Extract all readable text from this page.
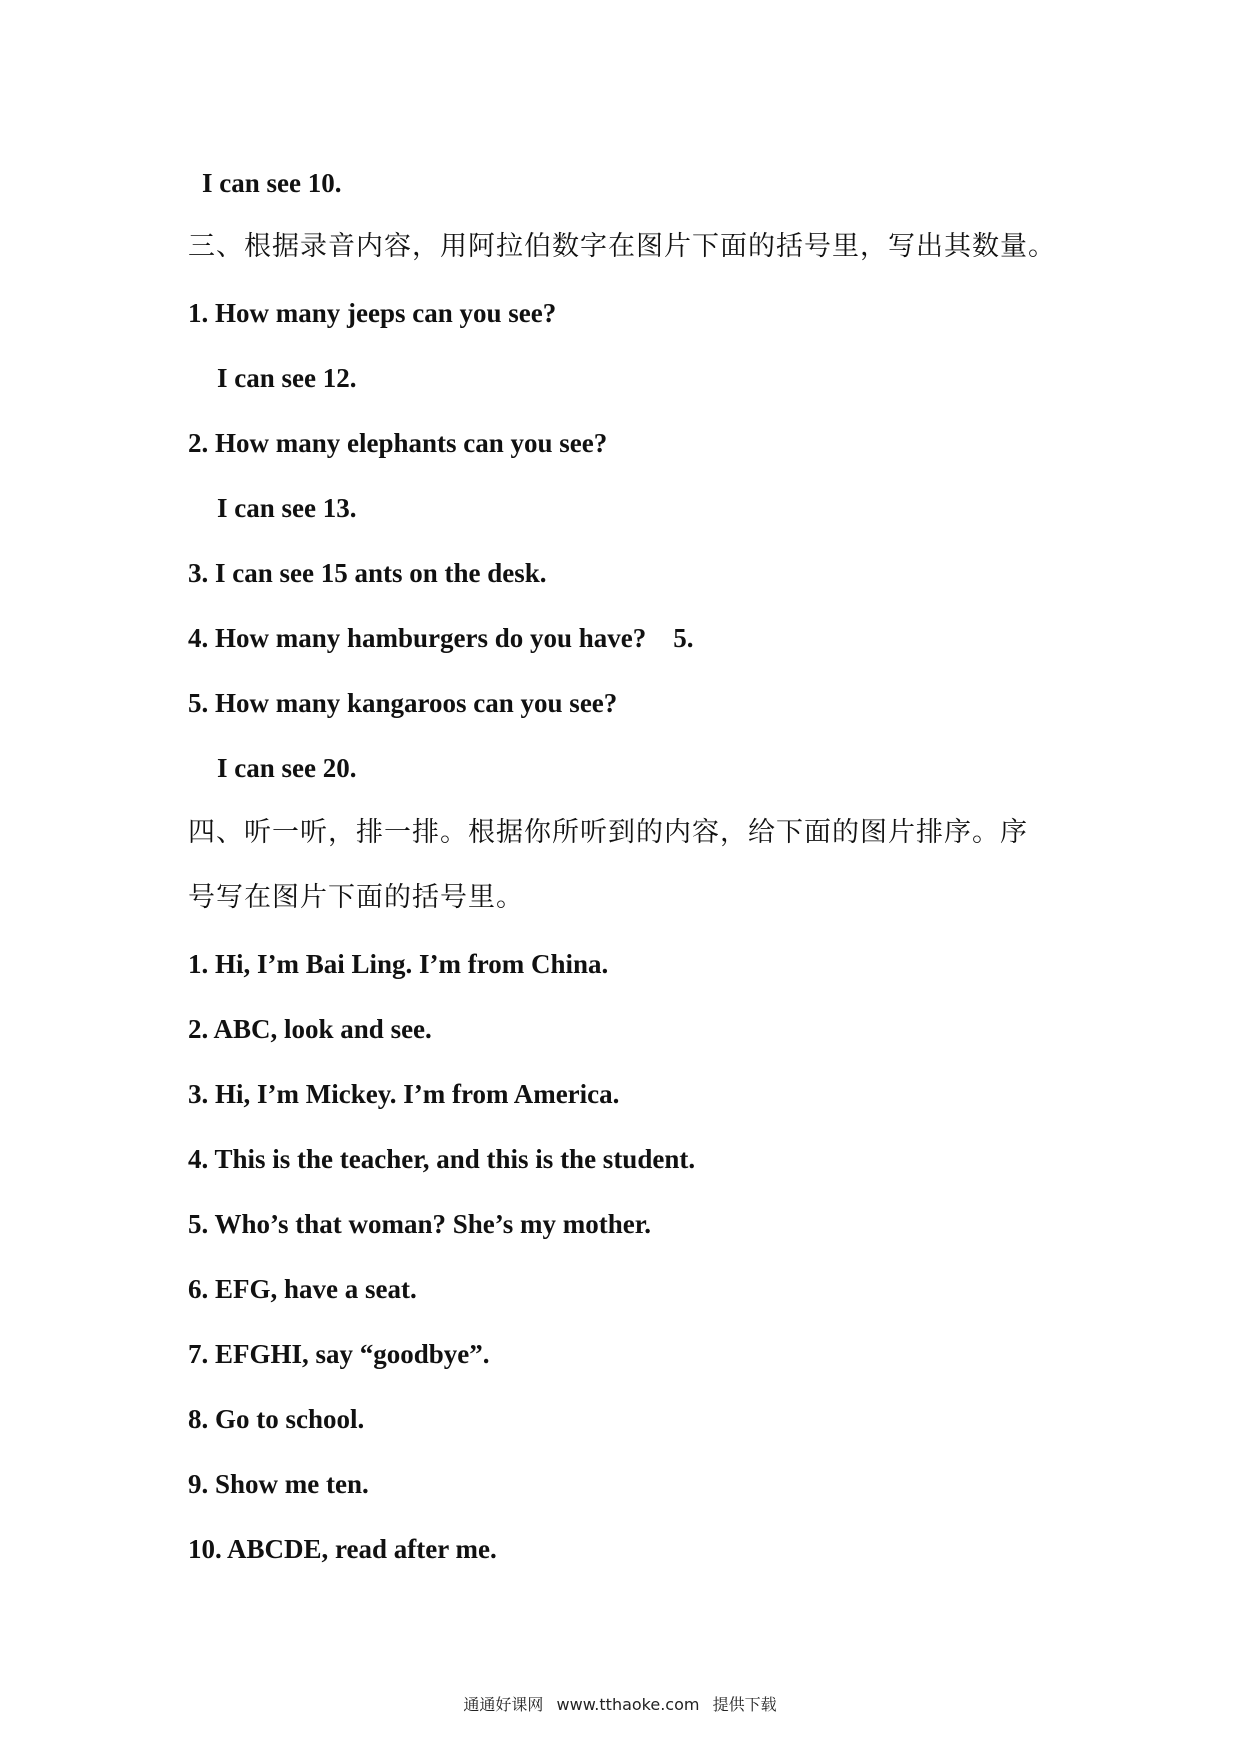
I can see 10.
三、根据录音内容，用阿拉伯数字在图片下面的括号里，写出其数量。
1. How many jeeps can you see?
I can see 12.
2. How many elephants can you see?
I can see 13.
3. I can see 15 ants on the desk.
4. How many hamburgers do you have?    5.
5. How many kangaroos can you see?
I can see 20.
四、听一听，排一排。根据你所听到的内容，给下面的图片排序。序
号写在图片下面的括号里。
1. Hi, I’m Bai Ling. I’m from China.
2. ABC, look and see.
3. Hi, I’m Mickey. I’m from America.
4. This is the teacher, and this is the student.
5. Who’s that woman? She’s my mother.
6. EFG, have a seat.
7. EFGHI, say “goodbye”.
8. Go to school.
9. Show me ten.
10. ABCDE, read after me.
通通好课网 www.tthaoke.com 提供下载
